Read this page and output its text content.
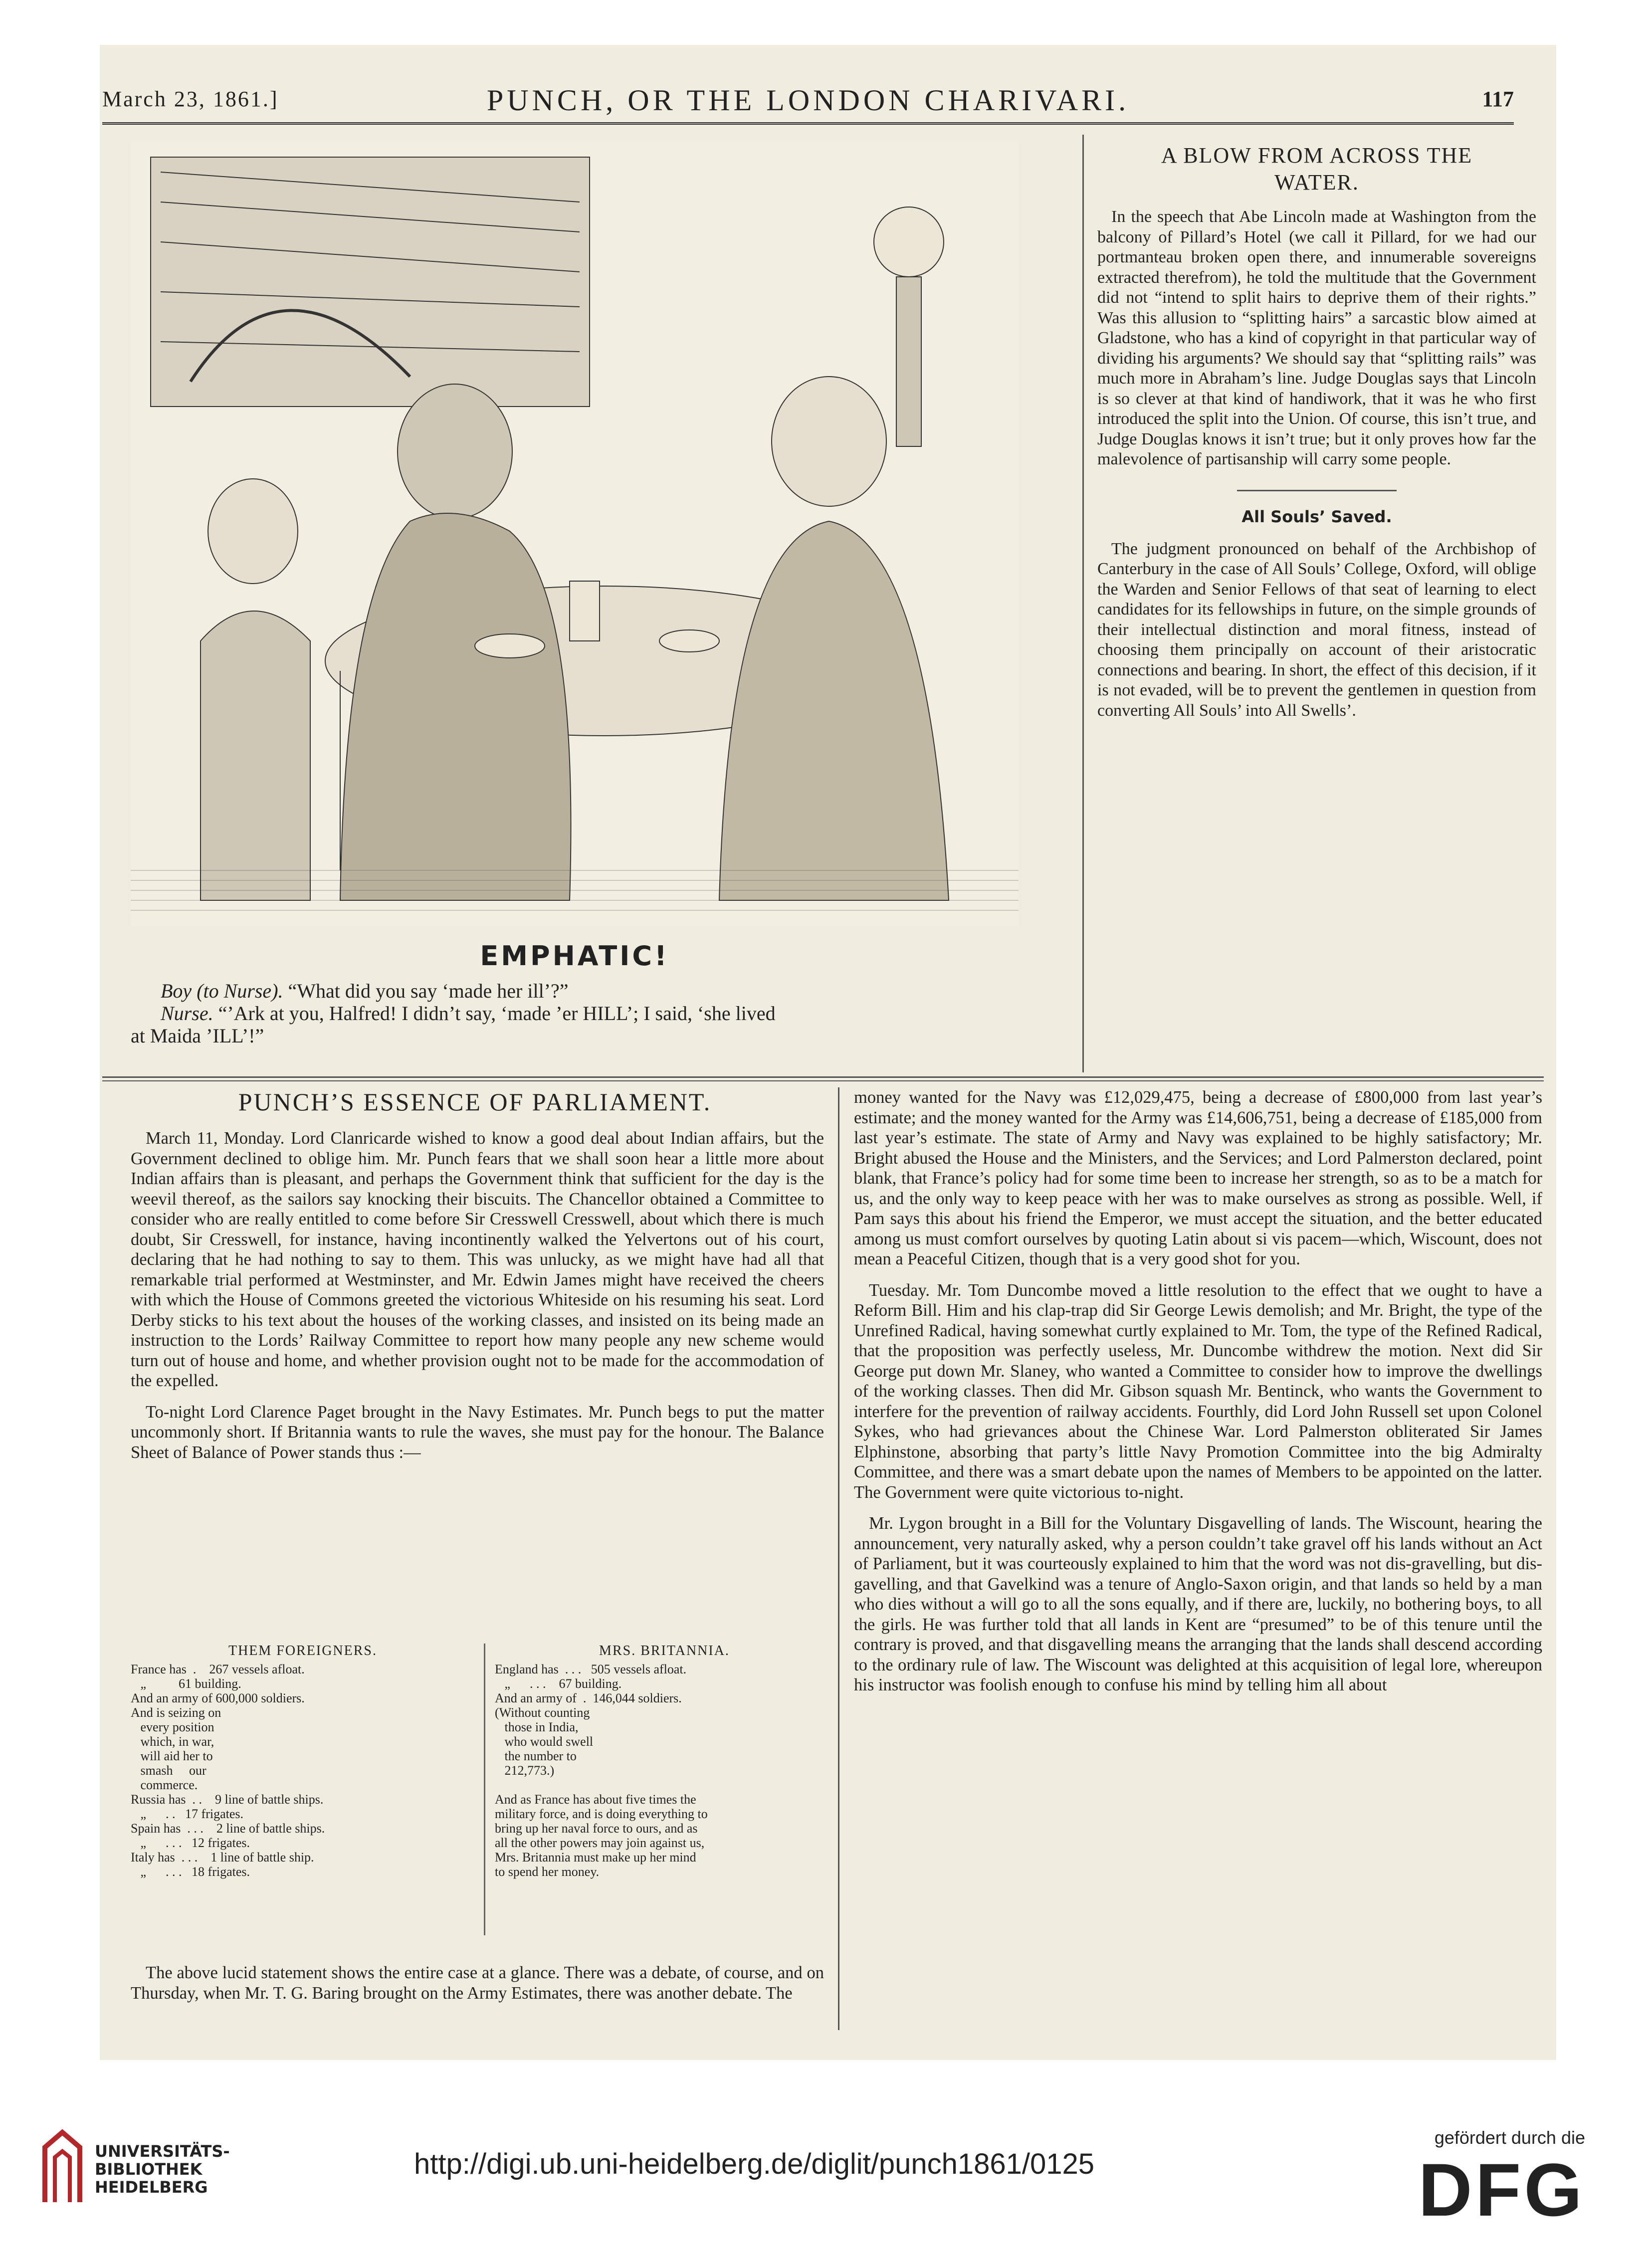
March 23, 1861.]	PUNCH, OR THE LONDON CHARIVARI.	117
EMPHATIC!
Boy (to Nurse). “What did you say ‘made her ill’?”
Nurse. “’Ark at you, Halfred! I didn’t say, ‘made ’er HILL’; I said, ‘she lived
at Maida ’ILL’!”
A BLOW FROM ACROSS THE
WATER.

In the speech that Abe Lincoln made at Washington from the balcony of Pillard’s Hotel (we call it Pillard, for we had our portmanteau broken open there, and innumerable sovereigns extracted therefrom), he told the multitude that the Government did not “intend to split hairs to deprive them of their rights.” Was this allusion to “splitting hairs” a sarcastic blow aimed at Gladstone, who has a kind of copyright in that particular way of dividing his arguments? We should say that “splitting rails” was much more in Abraham’s line. Judge Douglas says that Lincoln is so clever at that kind of handiwork, that it was he who first introduced the split into the Union. Of course, this isn’t true, and Judge Douglas knows it isn’t true; but it only proves how far the malevolence of partisanship will carry some people.

All Souls’ Saved.

The judgment pronounced on behalf of the Archbishop of Canterbury in the case of All Souls’ College, Oxford, will oblige the Warden and Senior Fellows of that seat of learning to elect candidates for its fellowships in future, on the simple grounds of their intellectual distinction and moral fitness, instead of choosing them principally on account of their aristocratic connections and bearing. In short, the effect of this decision, if it is not evaded, will be to prevent the gentlemen in question from converting All Souls’ into All Swells’.

PUNCH’S ESSENCE OF PARLIAMENT.

March 11, Monday. Lord Clanricarde wished to know a good deal about Indian affairs, but the Government declined to oblige him. Mr. Punch fears that we shall soon hear a little more about Indian affairs than is pleasant, and perhaps the Government think that sufficient for the day is the weevil thereof, as the sailors say knocking their biscuits. The Chancellor obtained a Committee to consider who are really entitled to come before Sir Cresswell Cresswell, about which there is much doubt, Sir Cresswell, for instance, having incontinently walked the Yelvertons out of his court, declaring that he had nothing to say to them. This was unlucky, as we might have had all that remarkable trial performed at Westminster, and Mr. Edwin James might have received the cheers with which the House of Commons greeted the victorious Whiteside on his resuming his seat. Lord Derby sticks to his text about the houses of the working classes, and insisted on its being made an instruction to the Lords’ Railway Committee to report how many people any new scheme would turn out of house and home, and whether provision ought not to be made for the accommodation of the expelled.

To-night Lord Clarence Paget brought in the Navy Estimates. Mr. Punch begs to put the matter uncommonly short. If Britannia wants to rule the waves, she must pay for the honour. The Balance Sheet of Balance of Power stands thus :—

THEM FOREIGNERS.
France has  .    267 vessels afloat.
„          61 building.
And an army of 600,000 soldiers.
And is seizing on
every position
which, in war,
will aid her to
smash     our
commerce.
Russia has  . .    9 line of battle ships.
„      . .   17 frigates.
Spain has  . . .    2 line of battle ships.
„      . . .   12 frigates.
Italy has  . . .    1 line of battle ship.
„      . . .   18 frigates.
MRS. BRITANNIA.
England has  . . .   505 vessels afloat.
„      . . .    67 building.
And an army of  .  146,044 soldiers.
(Without counting
those in India,
who would swell
the number to
212,773.)

And as France has about five times the
military force, and is doing everything to
bring up her naval force to ours, and as
all the other powers may join against us,
Mrs. Britannia must make up her mind
to spend her money.

The above lucid statement shows the entire case at a glance. There was a debate, of course, and on Thursday, when Mr. T. G. Baring brought on the Army Estimates, there was another debate. The

money wanted for the Navy was £12,029,475, being a decrease of £800,000 from last year’s estimate; and the money wanted for the Army was £14,606,751, being a decrease of £185,000 from last year’s estimate. The state of Army and Navy was explained to be highly satisfactory; Mr. Bright abused the House and the Ministers, and the Services; and Lord Palmerston declared, point blank, that France’s policy had for some time been to increase her strength, so as to be a match for us, and the only way to keep peace with her was to make ourselves as strong as possible. Well, if Pam says this about his friend the Emperor, we must accept the situation, and the better educated among us must comfort ourselves by quoting Latin about si vis pacem—which, Wiscount, does not mean a Peaceful Citizen, though that is a very good shot for you.

Tuesday. Mr. Tom Duncombe moved a little resolution to the effect that we ought to have a Reform Bill. Him and his clap-trap did Sir George Lewis demolish; and Mr. Bright, the type of the Unrefined Radical, having somewhat curtly explained to Mr. Tom, the type of the Refined Radical, that the proposition was perfectly useless, Mr. Duncombe withdrew the motion. Next did Sir George put down Mr. Slaney, who wanted a Committee to consider how to improve the dwellings of the working classes. Then did Mr. Gibson squash Mr. Bentinck, who wants the Government to interfere for the prevention of railway accidents. Fourthly, did Lord John Russell set upon Colonel Sykes, who had grievances about the Chinese War. Lord Palmerston obliterated Sir James Elphinstone, absorbing that party’s little Navy Promotion Committee into the big Admiralty Committee, and there was a smart debate upon the names of Members to be appointed on the latter. The Government were quite victorious to-night.

Mr. Lygon brought in a Bill for the Voluntary Disgavelling of lands. The Wiscount, hearing the announcement, very naturally asked, why a person couldn’t take gravel off his lands without an Act of Parliament, but it was courteously explained to him that the word was not dis-gravelling, but dis-gavelling, and that Gavelkind was a tenure of Anglo-Saxon origin, and that lands so held by a man who dies without a will go to all the sons equally, and if there are, luckily, no bothering boys, to all the girls. He was further told that all lands in Kent are “presumed” to be of this tenure until the contrary is proved, and that disgavelling means the arranging that the lands shall descend according to the ordinary rule of law. The Wiscount was delighted at this acquisition of legal lore, whereupon his instructor was foolish enough to confuse his mind by telling him all about

UNIVERSITÄTS-
BIBLIOTHEK
HEIDELBERG
http://digi.ub.uni-heidelberg.de/diglit/punch1861/0125
gefördert durch die
DFG
